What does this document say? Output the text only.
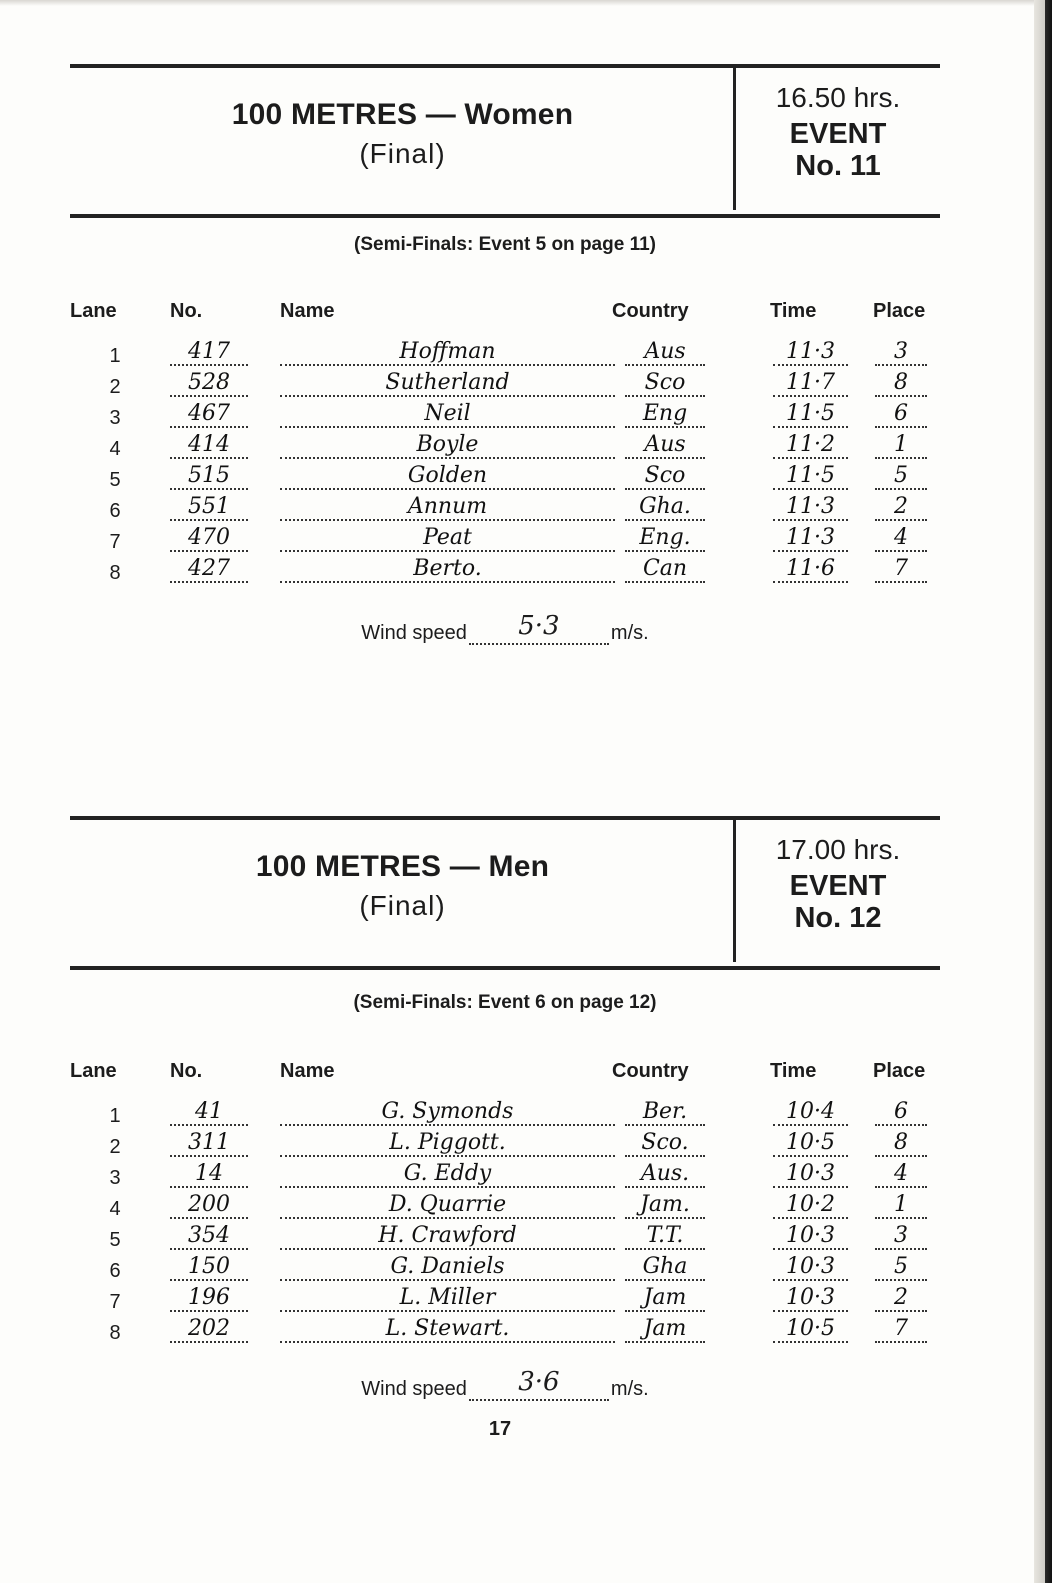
100 METRES — Women
(Final)
16.50 hrs.
EVENT
No. 11
(Semi-Finals: Event 5 on page 11)
Lane	No.	Name	Country	Time	Place
1	417	Hoffman	Aus	11·3	3
2	528	Sutherland	Sco	11·7	8
3	467	Neil	Eng	11·5	6
4	414	Boyle	Aus	11·2	1
5	515	Golden	Sco	11·5	5
6	551	Annum	Gha.	11·3	2
7	470	Peat	Eng.	11·3	4
8	427	Berto.	Can	11·6	7
Wind speed	5·3	m/s.
100 METRES — Men
(Final)
17.00 hrs.
EVENT
No. 12
(Semi-Finals: Event 6 on page 12)
Lane	No.	Name	Country	Time	Place
1	41	G. Symonds	Ber.	10·4	6
2	311	L. Piggott.	Sco.	10·5	8
3	14	G. Eddy	Aus.	10·3	4
4	200	D. Quarrie	Jam.	10·2	1
5	354	H. Crawford	T.T.	10·3	3
6	150	G. Daniels	Gha	10·3	5
7	196	L. Miller	Jam	10·3	2
8	202	L. Stewart.	Jam	10·5	7
Wind speed	3·6	m/s.
17
